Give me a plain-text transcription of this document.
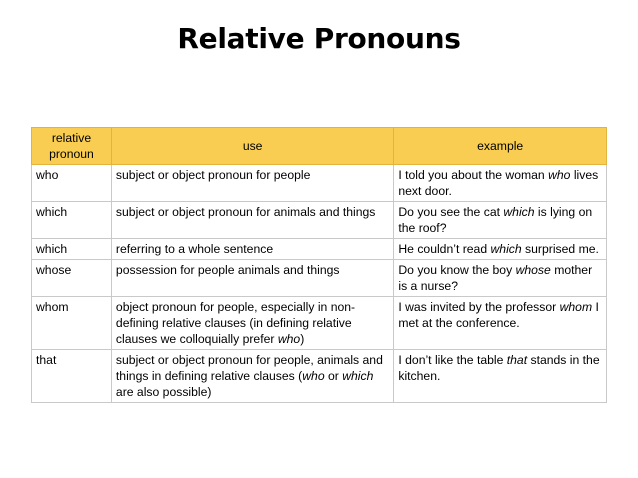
Relative Pronouns
relative pronoun	use	example
who	subject or object pronoun for people	I told you about the woman who lives next door.
which	subject or object pronoun for animals and things	Do you see the cat which is lying on the roof?
which	referring to a whole sentence	He couldn’t read which surprised me.
whose	possession for people animals and things	Do you know the boy whose mother is a nurse?
whom	object pronoun for people, especially in non-defining relative clauses (in defining relative clauses we colloquially prefer who)	I was invited by the professor whom I met at the conference.
that	subject or object pronoun for people, animals and things in defining relative clauses (who or which are also possible)	I don’t like the table that stands in the kitchen.
